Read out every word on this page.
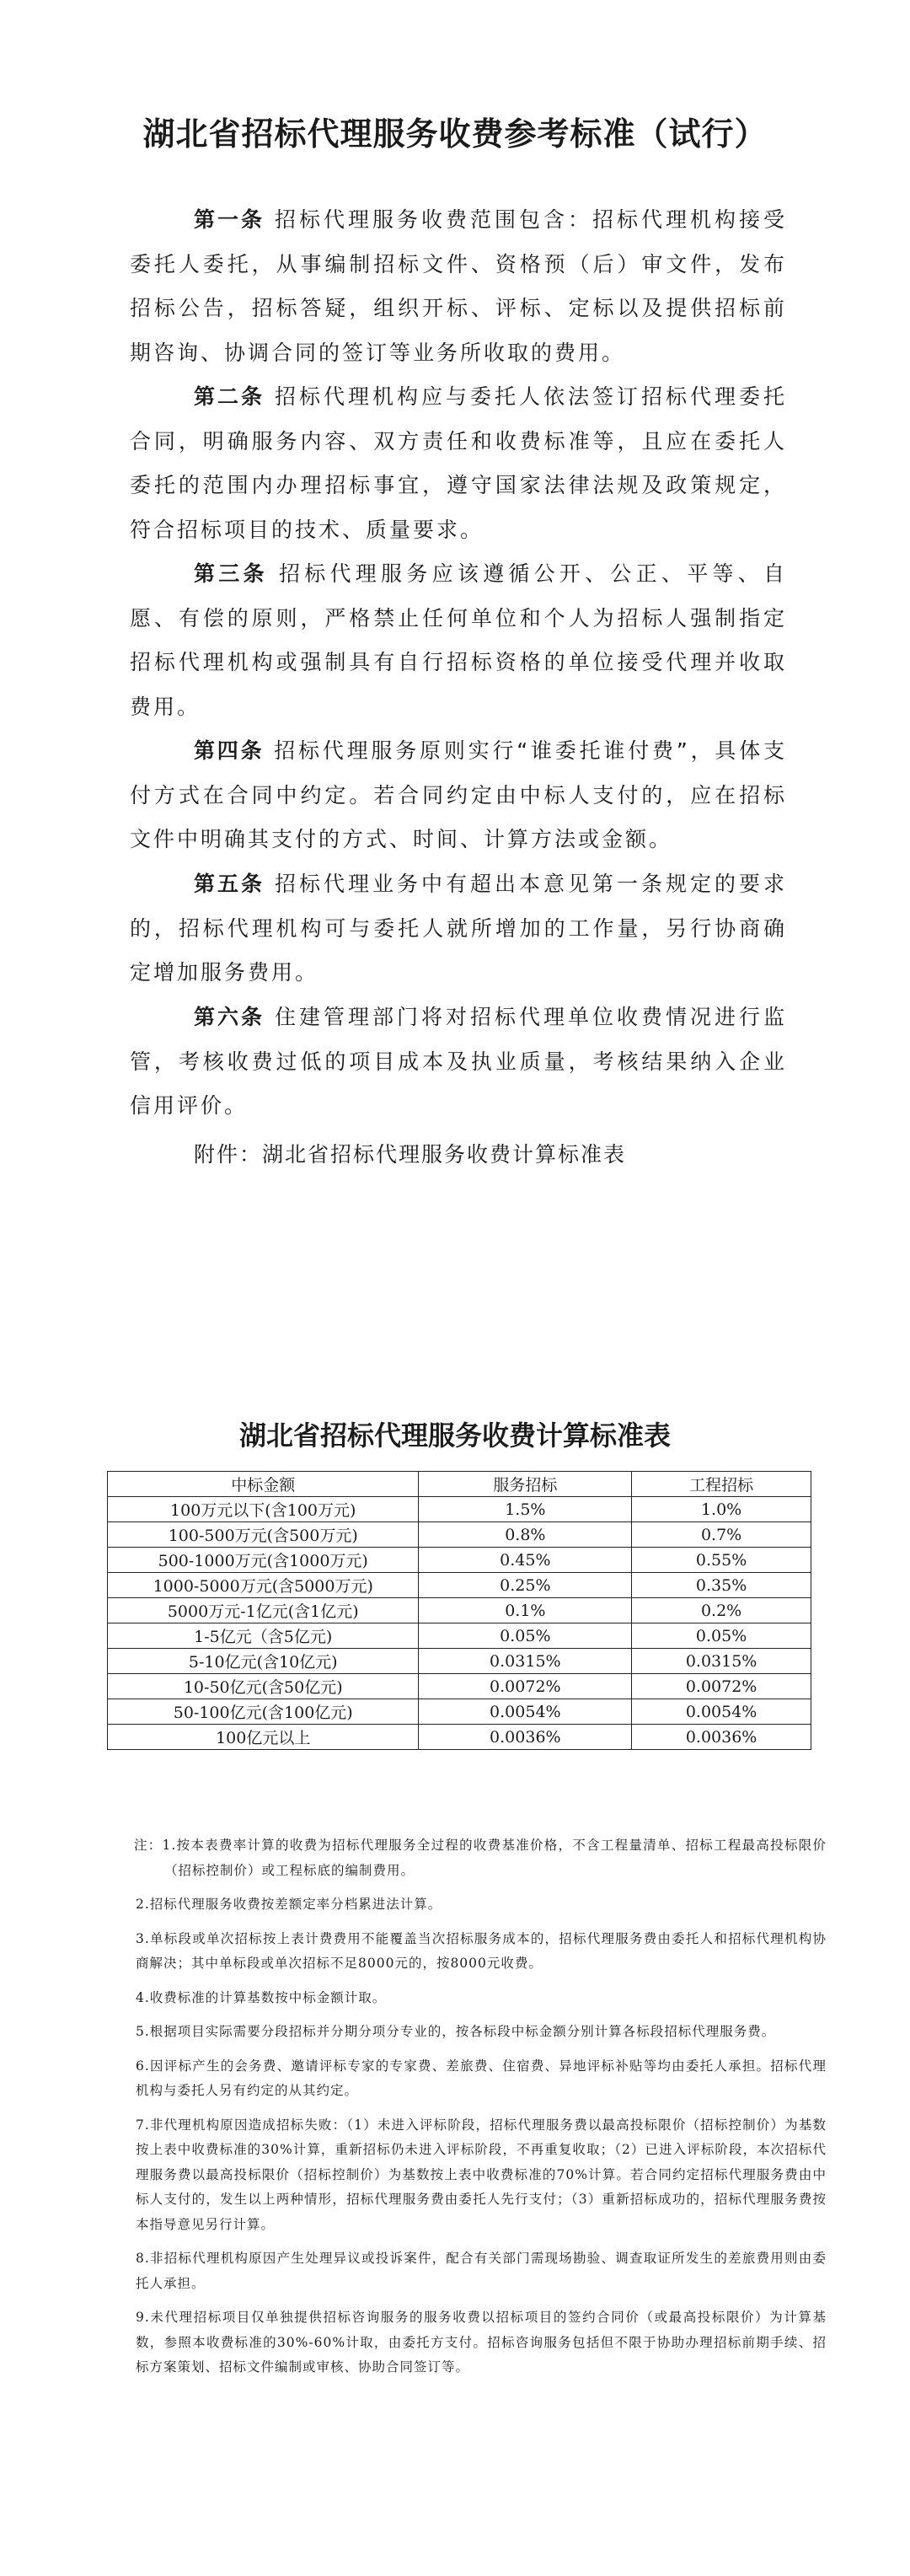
湖北省招标代理服务收费参考标准（试行）
第一条 招标代理服务收费范围包含：招标代理机构接受委托人委托，从事编制招标文件、资格预（后）审文件，发布招标公告，招标答疑，组织开标、评标、定标以及提供招标前期咨询、协调合同的签订等业务所收取的费用。
第二条 招标代理机构应与委托人依法签订招标代理委托合同，明确服务内容、双方责任和收费标准等，且应在委托人委托的范围内办理招标事宜，遵守国家法律法规及政策规定，符合招标项目的技术、质量要求。
第三条 招标代理服务应该遵循公开、公正、平等、自愿、有偿的原则，严格禁止任何单位和个人为招标人强制指定招标代理机构或强制具有自行招标资格的单位接受代理并收取费用。
第四条 招标代理服务原则实行“谁委托谁付费”，具体支付方式在合同中约定。若合同约定由中标人支付的，应在招标文件中明确其支付的方式、时间、计算方法或金额。
第五条 招标代理业务中有超出本意见第一条规定的要求的，招标代理机构可与委托人就所增加的工作量，另行协商确定增加服务费用。
第六条 住建管理部门将对招标代理单位收费情况进行监管，考核收费过低的项目成本及执业质量，考核结果纳入企业信用评价。
附件：湖北省招标代理服务收费计算标准表
湖北省招标代理服务收费计算标准表
中标金额	服务招标	工程招标
100万元以下(含100万元)	1.5%	1.0%
100-500万元(含500万元)	0.8%	0.7%
500-1000万元(含1000万元)	0.45%	0.55%
1000-5000万元(含5000万元)	0.25%	0.35%
5000万元-1亿元(含1亿元)	0.1%	0.2%
1-5亿元（含5亿元)	0.05%	0.05%
5-10亿元(含10亿元)	0.0315%	0.0315%
10-50亿元(含50亿元)	0.0072%	0.0072%
50-100亿元(含100亿元)	0.0054%	0.0054%
100亿元以上	0.0036%	0.0036%

注：1.按本表费率计算的收费为招标代理服务全过程的收费基准价格，不含工程量清单、招标工程最高投标限价（招标控制价）或工程标底的编制费用。

2.招标代理服务收费按差额定率分档累进法计算。

3.单标段或单次招标按上表计费费用不能覆盖当次招标服务成本的，招标代理服务费由委托人和招标代理机构协商解决；其中单标段或单次招标不足8000元的，按8000元收费。

4.收费标准的计算基数按中标金额计取。

5.根据项目实际需要分段招标并分期分项分专业的，按各标段中标金额分别计算各标段招标代理服务费。

6.因评标产生的会务费、邀请评标专家的专家费、差旅费、住宿费、异地评标补贴等均由委托人承担。招标代理机构与委托人另有约定的从其约定。

7.非代理机构原因造成招标失败：（1）未进入评标阶段，招标代理服务费以最高投标限价（招标控制价）为基数按上表中收费标准的30%计算，重新招标仍未进入评标阶段，不再重复收取；（2）已进入评标阶段，本次招标代理服务费以最高投标限价（招标控制价）为基数按上表中收费标准的70%计算。若合同约定招标代理服务费由中标人支付的，发生以上两种情形，招标代理服务费由委托人先行支付；（3）重新招标成功的，招标代理服务费按本指导意见另行计算。

8.非招标代理机构原因产生处理异议或投诉案件，配合有关部门需现场勘验、调查取证所发生的差旅费用则由委托人承担。

9.未代理招标项目仅单独提供招标咨询服务的服务收费以招标项目的签约合同价（或最高投标限价）为计算基数，参照本收费标准的30%-60%计取，由委托方支付。招标咨询服务包括但不限于协助办理招标前期手续、招标方案策划、招标文件编制或审核、协助合同签订等。
